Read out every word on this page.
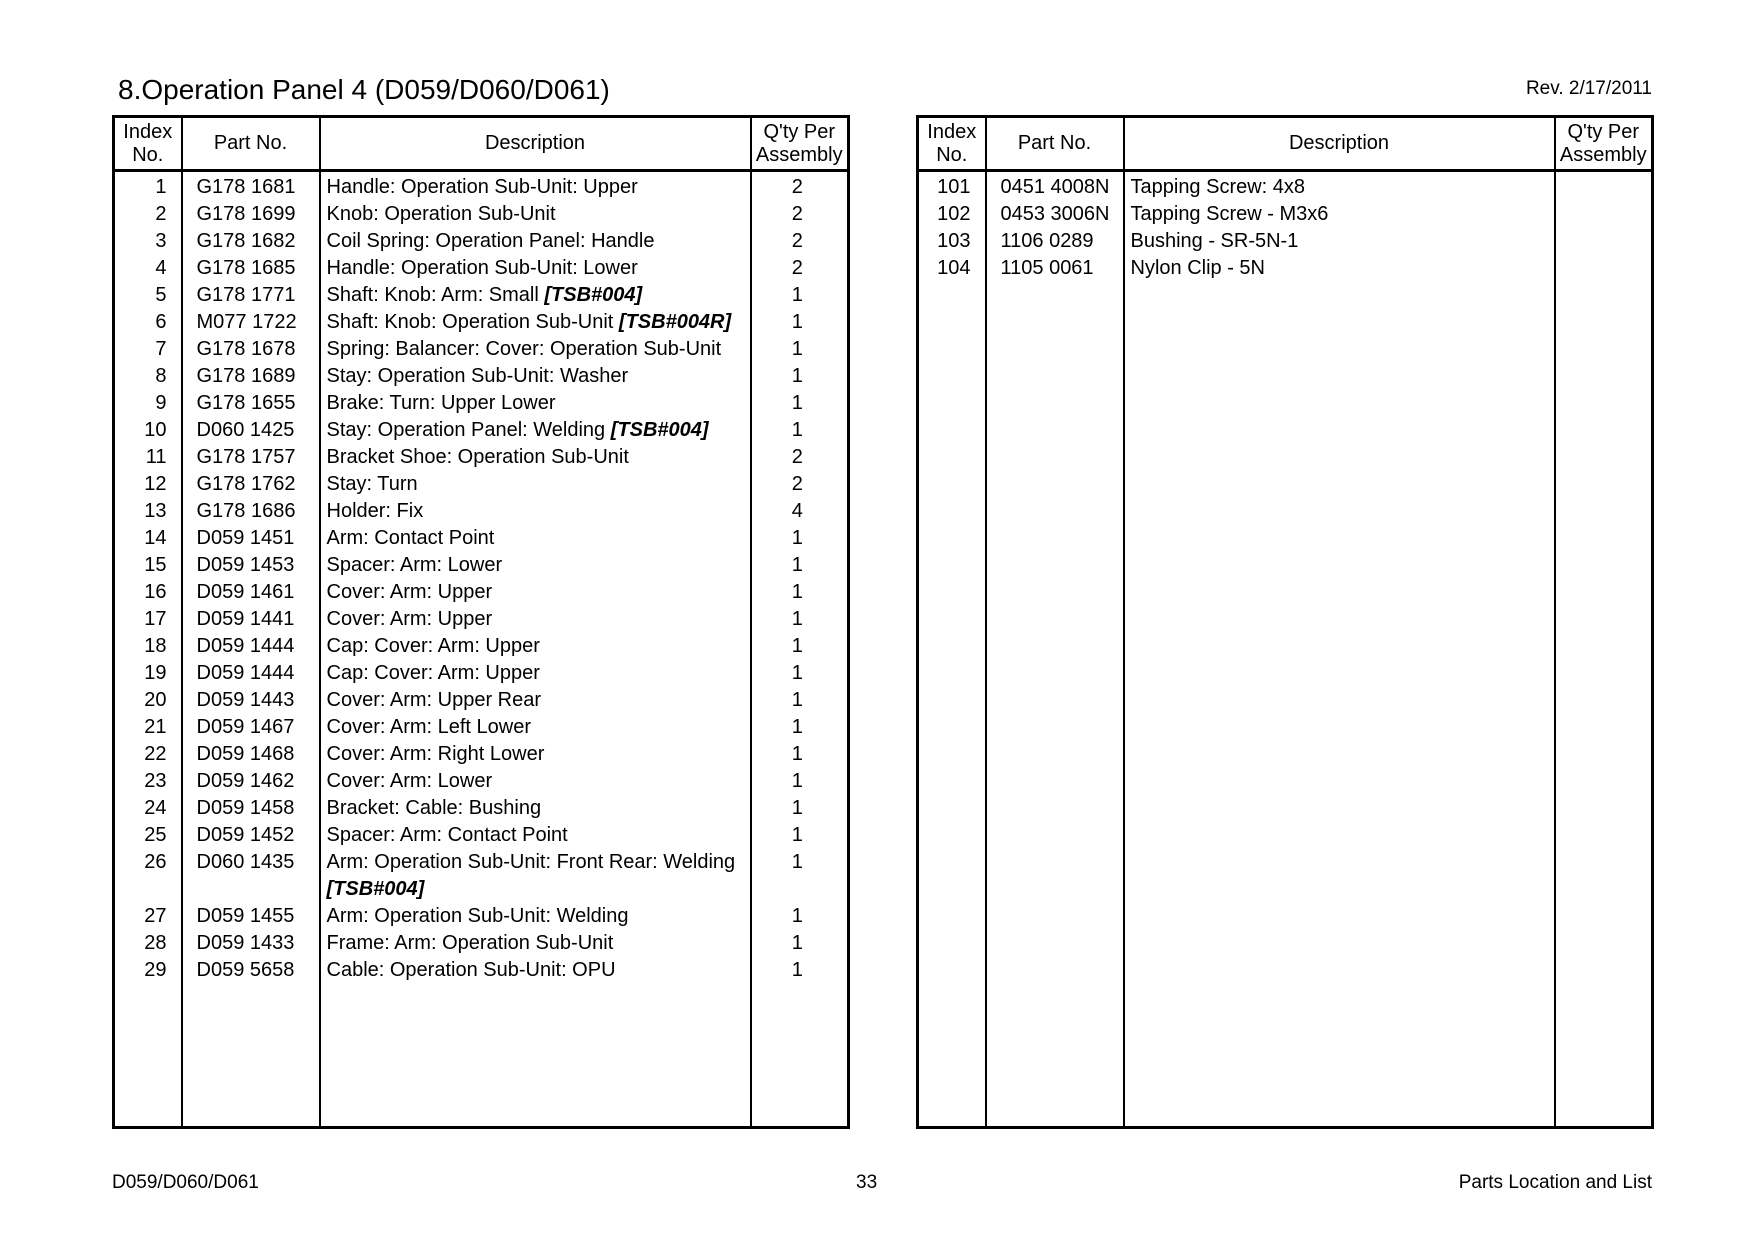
8.Operation Panel 4 (D059/D060/D061)	Rev. 2/17/2011
Index No.	Part No.	Description	Q'ty Per Assembly
1	G178 1681	Handle: Operation Sub-Unit: Upper	2
2	G178 1699	Knob: Operation Sub-Unit	2
3	G178 1682	Coil Spring: Operation Panel: Handle	2
4	G178 1685	Handle: Operation Sub-Unit: Lower	2
5	G178 1771	Shaft: Knob: Arm: Small [TSB#004]	1
6	M077 1722	Shaft: Knob: Operation Sub-Unit [TSB#004R]	1
7	G178 1678	Spring: Balancer: Cover: Operation Sub-Unit	1
8	G178 1689	Stay: Operation Sub-Unit: Washer	1
9	G178 1655	Brake: Turn: Upper Lower	1
10	D060 1425	Stay: Operation Panel: Welding [TSB#004]	1
11	G178 1757	Bracket Shoe: Operation Sub-Unit	2
12	G178 1762	Stay: Turn	2
13	G178 1686	Holder: Fix	4
14	D059 1451	Arm: Contact Point	1
15	D059 1453	Spacer: Arm: Lower	1
16	D059 1461	Cover: Arm: Upper	1
17	D059 1441	Cover: Arm: Upper	1
18	D059 1444	Cap: Cover: Arm: Upper	1
19	D059 1444	Cap: Cover: Arm: Upper	1
20	D059 1443	Cover: Arm: Upper Rear	1
21	D059 1467	Cover: Arm: Left Lower	1
22	D059 1468	Cover: Arm: Right Lower	1
23	D059 1462	Cover: Arm: Lower	1
24	D059 1458	Bracket: Cable: Bushing	1
25	D059 1452	Spacer: Arm: Contact Point	1
26	D060 1435	Arm: Operation Sub-Unit: Front Rear: Welding	1
		[TSB#004]	
27	D059 1455	Arm: Operation Sub-Unit: Welding	1
28	D059 1433	Frame: Arm: Operation Sub-Unit	1
29	D059 5658	Cable: Operation Sub-Unit: OPU	1

Index No.	Part No.	Description	Q'ty Per Assembly
101	0451 4008N	Tapping Screw: 4x8	
102	0453 3006N	Tapping Screw - M3x6	
103	1106 0289	Bushing - SR-5N-1	
104	1105 0061	Nylon Clip - 5N	

D059/D060/D061	33	Parts Location and List
